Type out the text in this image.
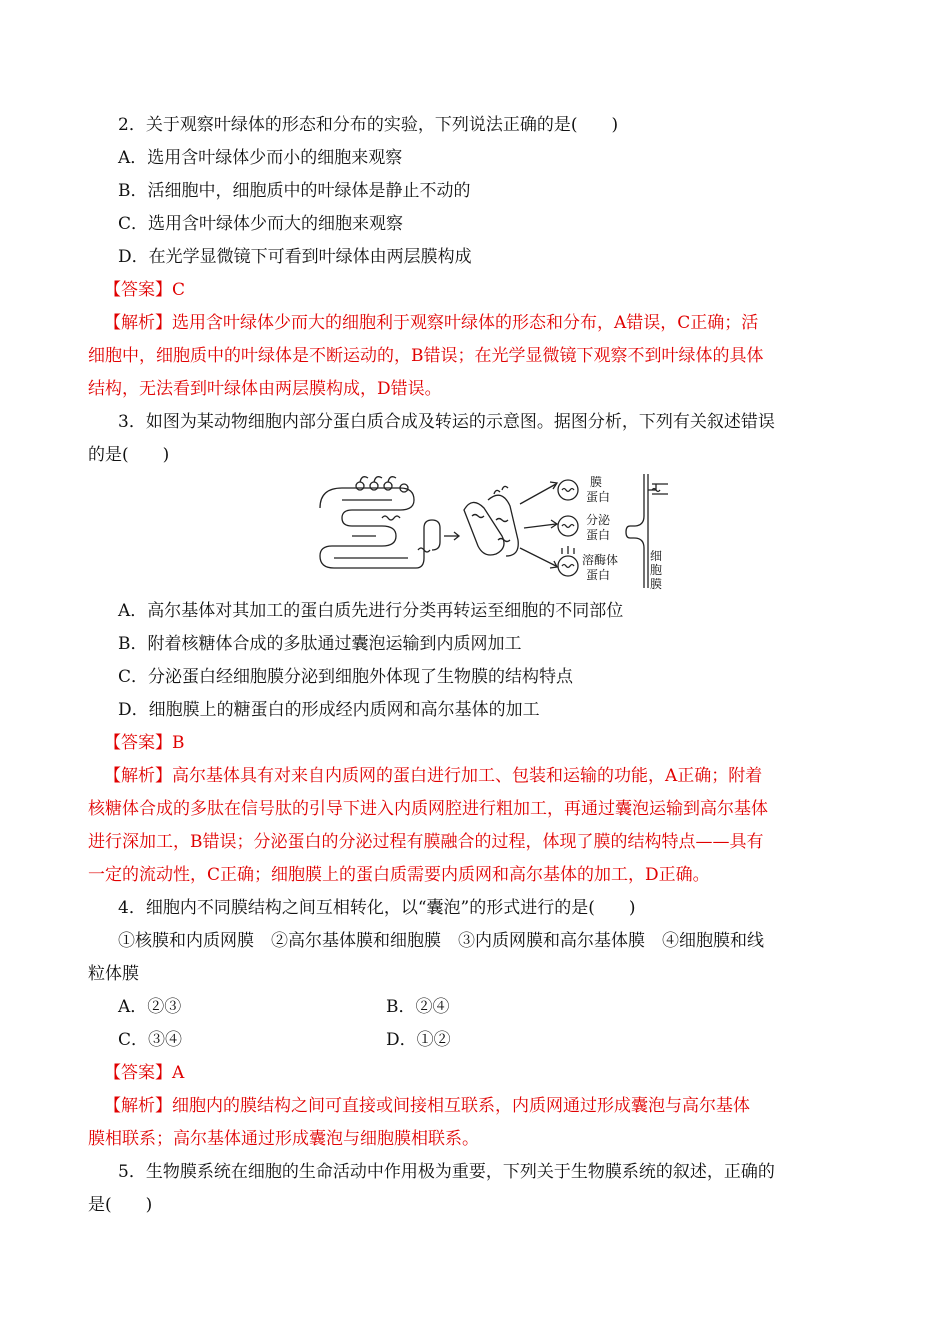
2．关于观察叶绿体的形态和分布的实验，下列说法正确的是(　　)
A．选用含叶绿体少而小的细胞来观察
B．活细胞中，细胞质中的叶绿体是静止不动的
C．选用含叶绿体少而大的细胞来观察
D．在光学显微镜下可看到叶绿体由两层膜构成
【答案】C
【解析】选用含叶绿体少而大的细胞利于观察叶绿体的形态和分布，A错误，C正确；活
细胞中，细胞质中的叶绿体是不断运动的，B错误；在光学显微镜下观察不到叶绿体的具体
结构，无法看到叶绿体由两层膜构成，D错误。
3．如图为某动物细胞内部分蛋白质合成及转运的示意图。据图分析，下列有关叙述错误
的是(　　)
膜
蛋白
分泌
蛋白
溶酶体
蛋白
细
胞
膜
A．高尔基体对其加工的蛋白质先进行分类再转运至细胞的不同部位
B．附着核糖体合成的多肽通过囊泡运输到内质网加工
C．分泌蛋白经细胞膜分泌到细胞外体现了生物膜的结构特点
D．细胞膜上的糖蛋白的形成经内质网和高尔基体的加工
【答案】B
【解析】高尔基体具有对来自内质网的蛋白进行加工、包装和运输的功能，A正确；附着
核糖体合成的多肽在信号肽的引导下进入内质网腔进行粗加工，再通过囊泡运输到高尔基体
进行深加工，B错误；分泌蛋白的分泌过程有膜融合的过程，体现了膜的结构特点——具有
一定的流动性，C正确；细胞膜上的蛋白质需要内质网和高尔基体的加工，D正确。
4．细胞内不同膜结构之间互相转化，以“囊泡”的形式进行的是(　　)
①核膜和内质网膜　②高尔基体膜和细胞膜　③内质网膜和高尔基体膜　④细胞膜和线
粒体膜
A．②③	B．②④
C．③④	D．①②
【答案】A
【解析】细胞内的膜结构之间可直接或间接相互联系，内质网通过形成囊泡与高尔基体
膜相联系；高尔基体通过形成囊泡与细胞膜相联系。
5．生物膜系统在细胞的生命活动中作用极为重要，下列关于生物膜系统的叙述，正确的
是(　　)
